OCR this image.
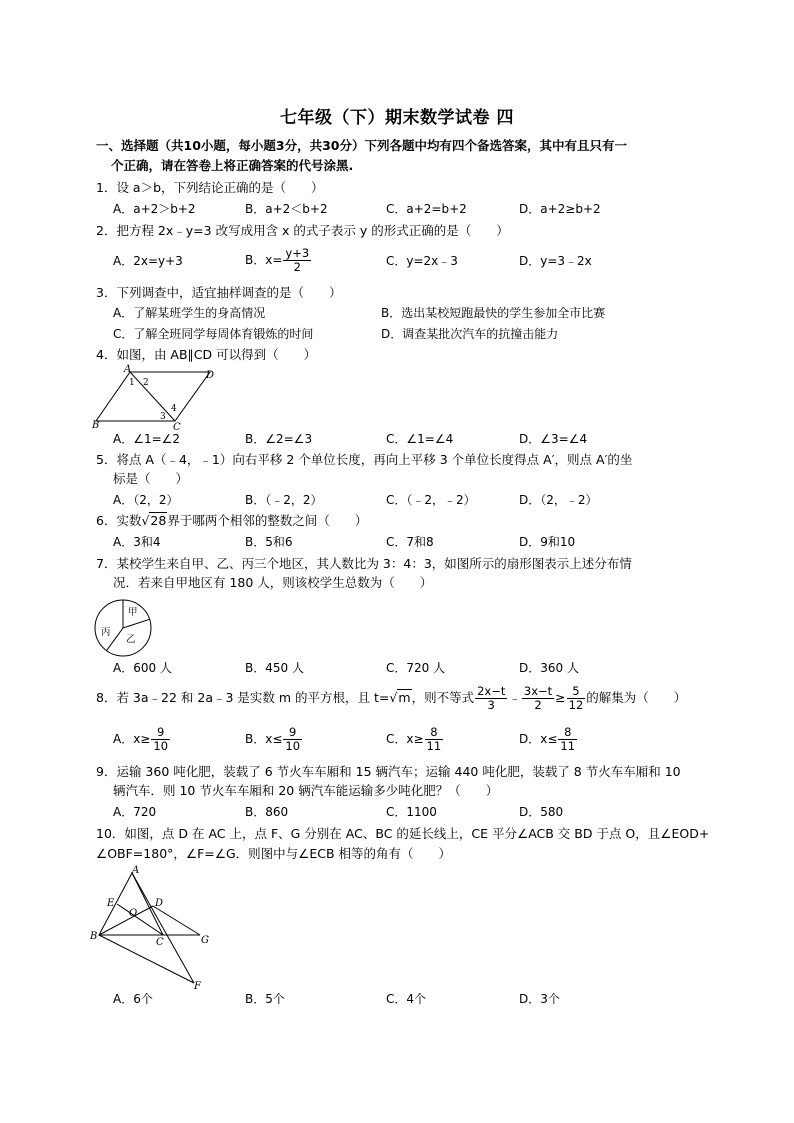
七年级（下）期末数学试卷 四
一、选择题（共10小题，每小题3分，共30分）下列各题中均有四个备选答案，其中有且只有一
个正确，请在答卷上将正确答案的代号涂黑.
1．设 a＞b，下列结论正确的是（　　）
A．a+2＞b+2	B．a+2＜b+2	C．a+2=b+2	D．a+2≥b+2
2．把方程 2x﹣y=3 改写成用含 x 的式子表示 y 的形式正确的是（　　）
A．2x=y+3	B．$x= \frac{y+3}{2}$	C．y=2x﹣3	D．y=3﹣2x
3．下列调查中，适宜抽样调查的是（　　）
A．了解某班学生的身高情况	B．选出某校短跑最快的学生参加全市比赛
C．了解全班同学每周体育锻炼的时间	D．调查某批次汽车的抗撞击能力
4．如图，由 AB∥CD 可以得到（　　）
A
D
B	C
1 2
3
4
A．∠1=∠2	B．∠2=∠3	C．∠1=∠4	D．∠3=∠4
5．将点 A（﹣4，﹣1）向右平移 2 个单位长度，再向上平移 3 个单位长度得点 A′，则点 A′的坐
标是（　　）
A．（2，2）	B．（﹣2，2）	C．（﹣2，﹣2）	D．（2，﹣2）
6．实数√28界于哪两个相邻的整数之间（　　）
A．3和4	B．5和6	C．7和8	D．9和10
7．某校学生来自甲、乙、丙三个地区，其人数比为 3：4：3，如图所示的扇形图表示上述分布情
况．若来自甲地区有 180 人，则该校学生总数为（　　）
甲
乙
丙
A．600 人	B．450 人	C．720 人	D．360 人
8．若 3a﹣22 和 2a﹣3 是实数 m 的平方根，且 t=√m，则不等式 $\frac{2x-t}{3}$ ﹣ $\frac{3x-t}{2} \ge \frac{5}{12}$ 的解集为（　　）
A．$x\ge \frac{9}{10}$	B．$x\le \frac{9}{10}$	C．$x\ge \frac{8}{11}$	D．$x\le \frac{8}{11}$
9．运输 360 吨化肥，装载了 6 节火车车厢和 15 辆汽车；运输 440 吨化肥，装载了 8 节火车车厢和 10
辆汽车．则 10 节火车车厢和 20 辆汽车能运输多少吨化肥？（　　）
A．720	B．860	C．1100	D．580
10．如图，点 D 在 AC 上，点 F、G 分别在 AC、BC 的延长线上，CE 平分∠ACB 交 BD 于点 O，且∠EOD+
∠OBF=180°，∠F=∠G．则图中与∠ECB 相等的角有（　　）
A
B
C
D
E
O
G
F
A．6个	B．5个	C．4个	D．3个
